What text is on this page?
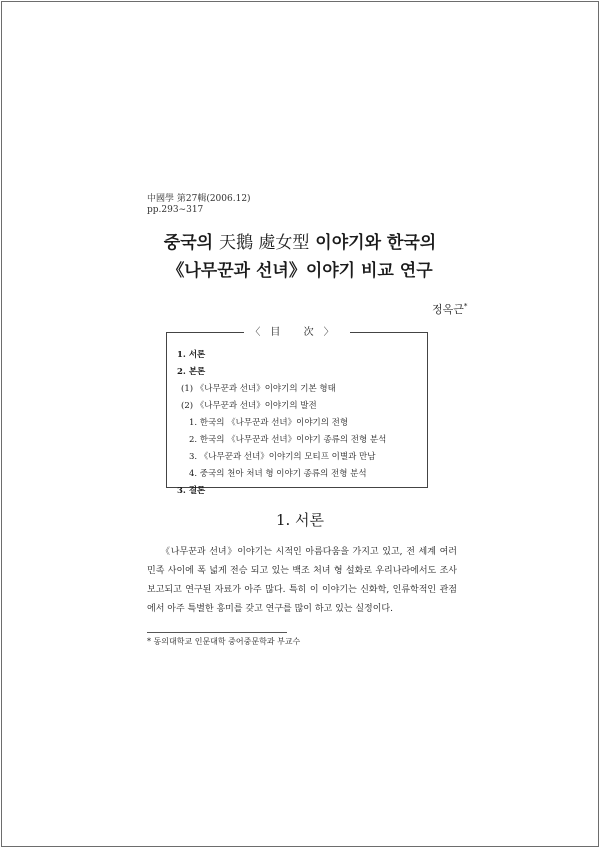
中國學 第27輯(2006.12)
pp.293∼317
중국의 天鵝 處女型 이야기와 한국의
《나무꾼과 선녀》이야기 비교 연구
정옥근*
〈目 次〉
1. 서론
2. 본론
(1) 《나무꾼과 선녀》이야기의 기본 형태
(2) 《나무꾼과 선녀》이야기의 발전
1. 한국의 《나무꾼과 선녀》이야기의 전형
2. 한국의 《나무꾼과 선녀》이야기 종류의 전형 분석
3. 《나무꾼과 선녀》이야기의 모티프 이별과 만남
4. 중국의 천아 처녀 형 이야기 종류의 전형 분석
3. 결론
1. 서론

《나무꾼과 선녀》이야기는 시적인 아름다움을 가지고 있고, 전 세계 여러 민족 사이에 폭 넓게 전승 되고 있는 백조 처녀 형 설화로 우리나라에서도 조사 보고되고 연구된 자료가 아주 많다. 특히 이 이야기는 신화학, 인류학적인 관점에서 아주 특별한 흥미를 갖고 연구를 많이 하고 있는 실정이다.

* 동의대학교 인문대학 중어중문학과 부교수
